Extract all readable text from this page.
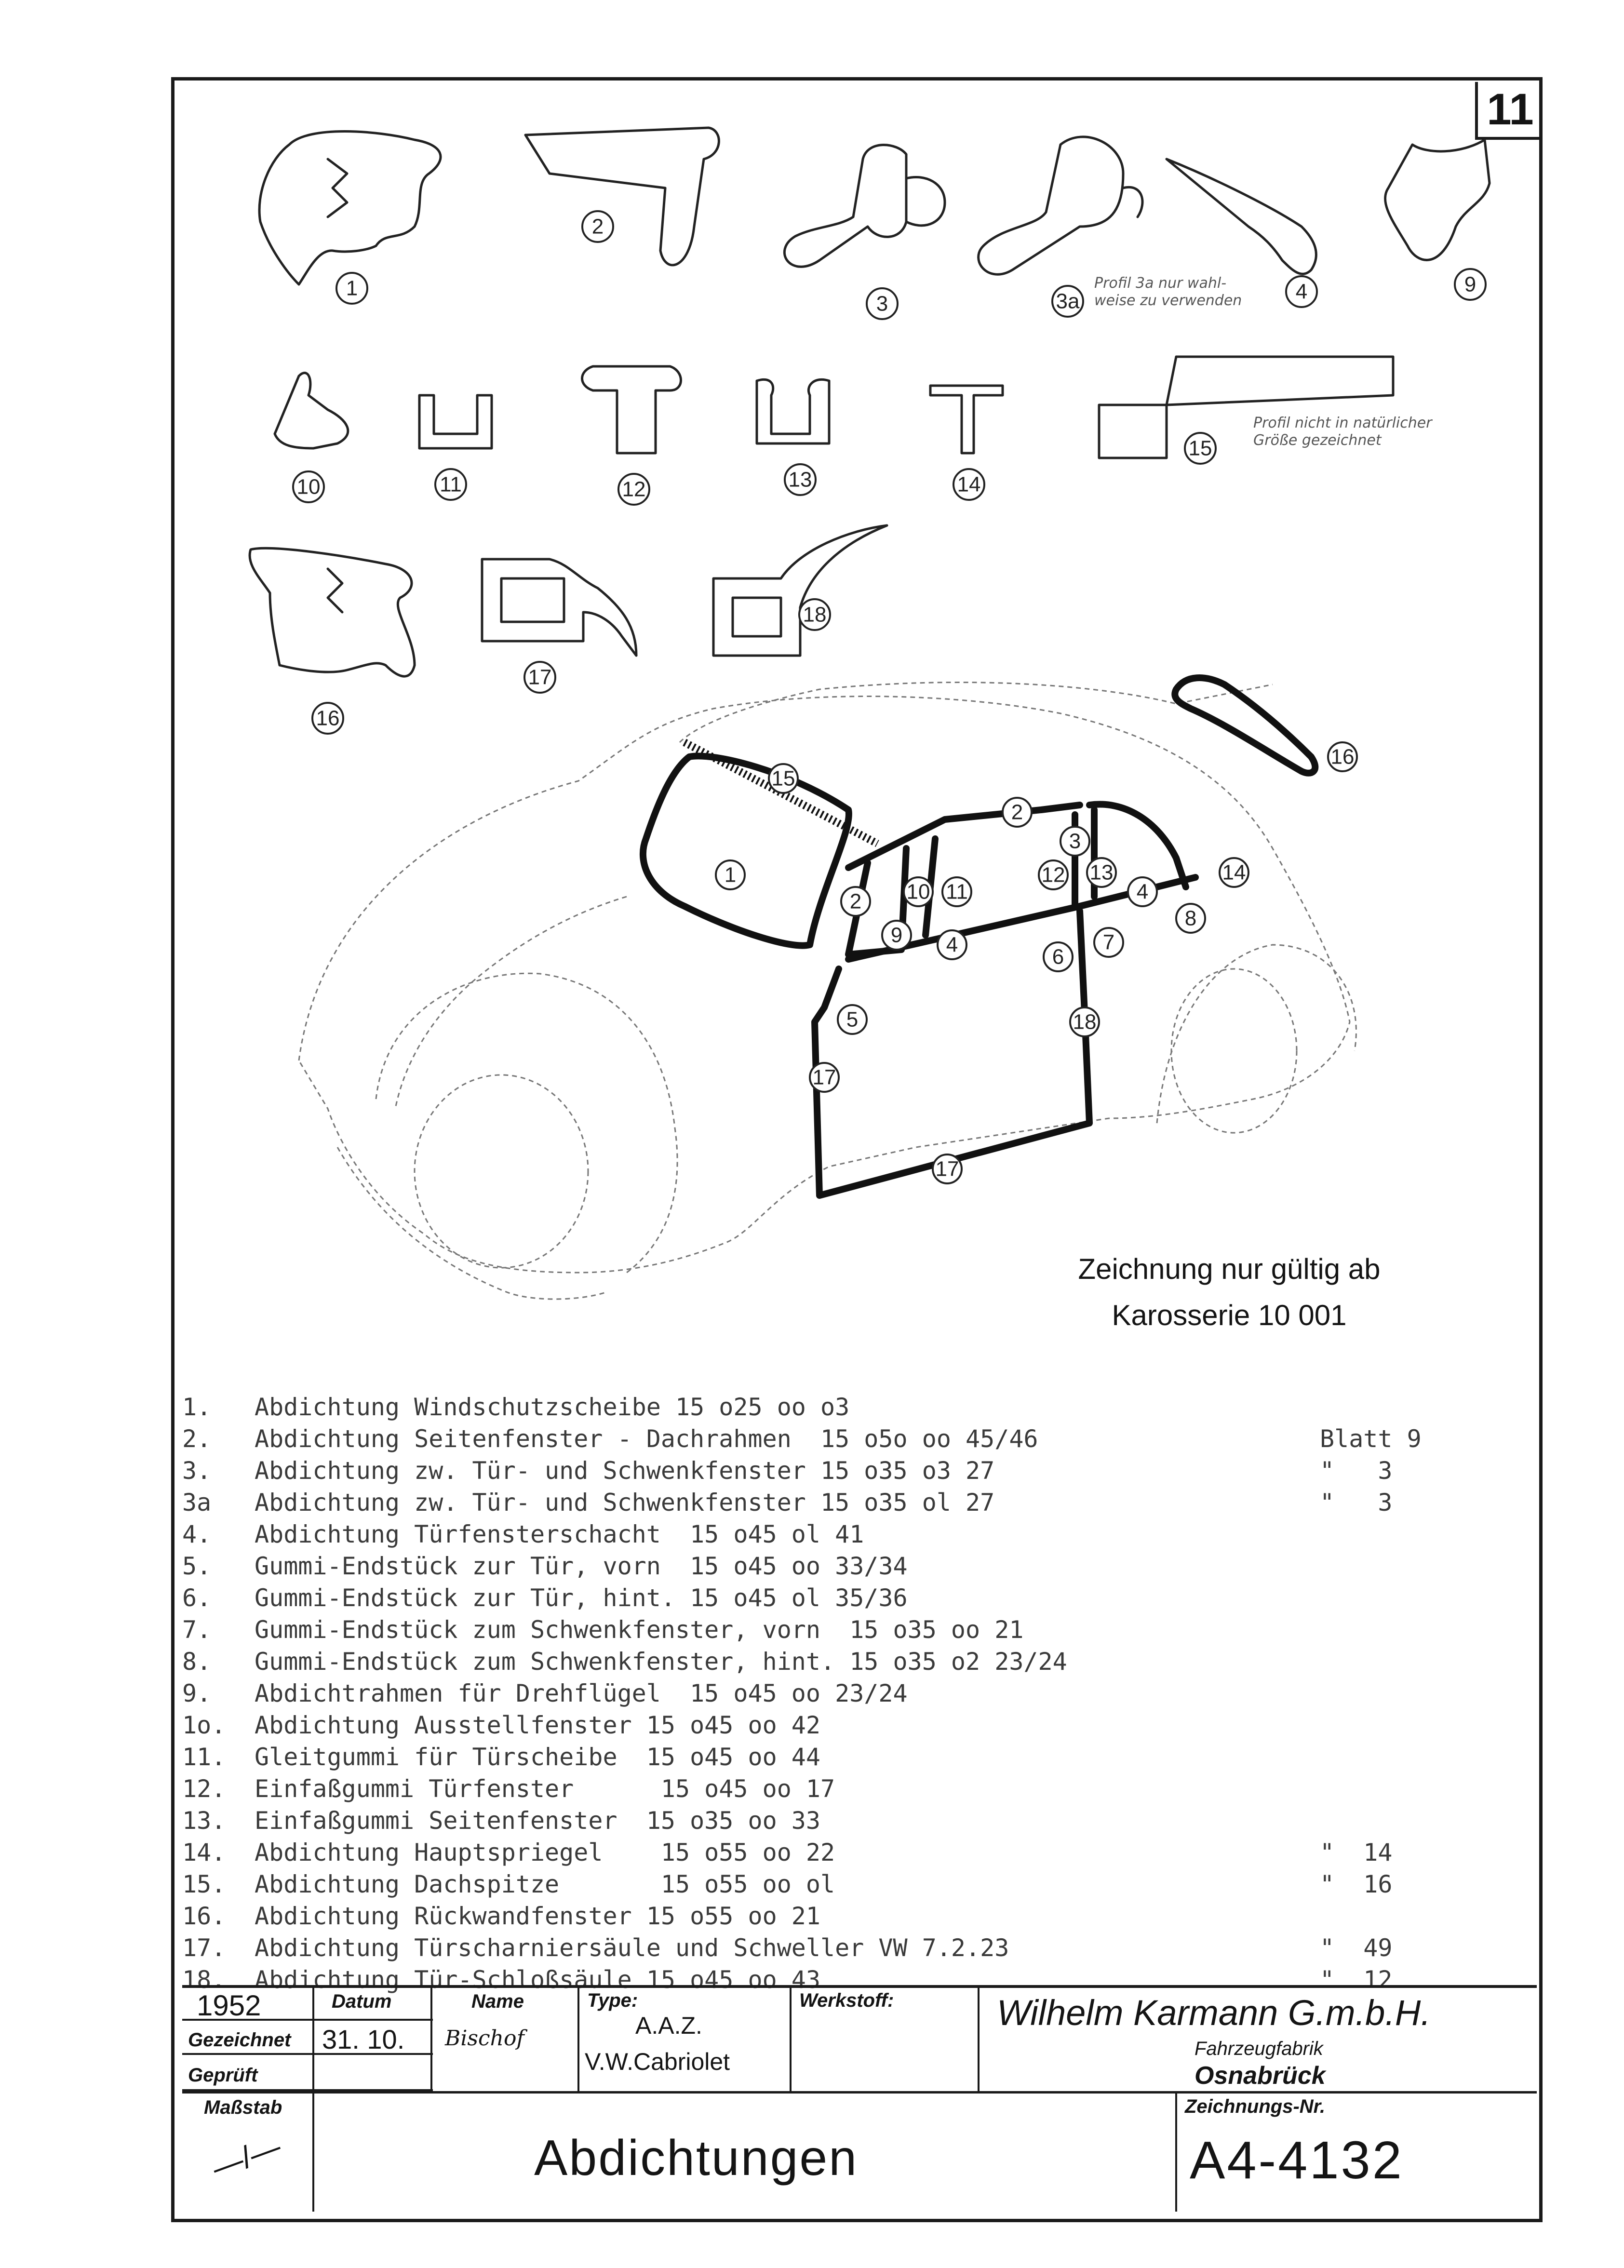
11
1
2
3	3a	4	9
10	11	12	13	14
15
16
17
18
15
1
2 10 11
9 4
2
3
12 13
4
14
8
7
6
5	18
17
17
16
Profil 3a nur wahl-
weise zu verwenden
Profil nicht in natürlicher
Größe gezeichnet
Zeichnung nur gültig ab
Karosserie 10 001
1. Abdichtung Windschutzscheibe 15 o25 oo o3
2. Abdichtung Seitenfenster - Dachrahmen  15 o5o oo 45/46	Blatt 9
3. Abdichtung zw. Tür- und Schwenkfenster 15 o35 o3 27	"   3
3a Abdichtung zw. Tür- und Schwenkfenster 15 o35 ol 27	"   3
4. Abdichtung Türfensterschacht  15 o45 ol 41
5. Gummi-Endstück zur Tür, vorn  15 o45 oo 33/34
6. Gummi-Endstück zur Tür, hint. 15 o45 ol 35/36
7. Gummi-Endstück zum Schwenkfenster, vorn  15 o35 oo 21
8. Gummi-Endstück zum Schwenkfenster, hint. 15 o35 o2 23/24
9. Abdichtrahmen für Drehflügel  15 o45 oo 23/24
1o. Abdichtung Ausstellfenster 15 o45 oo 42
11. Gleitgummi für Türscheibe  15 o45 oo 44
12. Einfaßgummi Türfenster      15 o45 oo 17
13. Einfaßgummi Seitenfenster  15 o35 oo 33
14. Abdichtung Hauptspriegel    15 o55 oo 22	"  14
15. Abdichtung Dachspitze       15 o55 oo ol	"  16
16. Abdichtung Rückwandfenster 15 o55 oo 21
17. Abdichtung Türscharniersäule und Schweller VW 7.2.23	"  49
18. Abdichtung Tür-Schloßsäule 15 o45 oo 43	"  12
1952	Datum	Name
Gezeichnet 31. 10. Bischof
Geprüft
Type:
A.A.Z.
V.W.Cabriolet
Werkstoff:	Wilhelm Karmann G.m.b.H.
Fahrzeugfabrik
Osnabrück
Maßstab
—/—	Abdichtungen
Zeichnungs-Nr.
A4-4132
